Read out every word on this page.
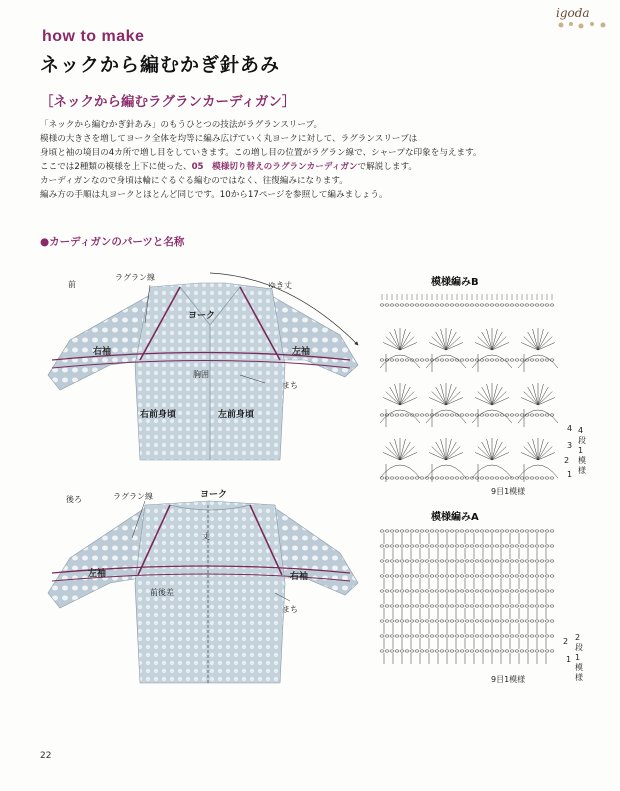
igoda
how to make
ネックから編むかぎ針あみ
［ネックから編むラグランカーディガン］
「ネックから編むかぎ針あみ」のもうひとつの技法がラグランスリーブ。
模様の大きさを増してヨーク全体を均等に編み広げていく丸ヨークに対して、ラグランスリーブは
身頃と袖の境目の4カ所で増し目をしていきます。この増し目の位置がラグラン線で、シャープな印象を与えます。
ここでは2種類の模様を上下に使った、05　模様切り替えのラグランカーディガンで解説します。
カーディガンなので身頃は輪にぐるぐる編むのではなく、往復編みになります。
編み方の手順は丸ヨークとほとんど同じです。10から17ページを参照して編みましょう。
●カーディガンのパーツと名称
前
ラグラン線
ゆき丈
ヨーク
右袖	左袖
胸囲
まち
右前身頃	左前身頃
後ろ	ラグラン線	ヨーク
丈
左袖	右袖
前後差
まち
模様編みB
4
3
2
1
4段1模様
9目1模様
模様編みA
2
1
2段1模様
9目1模様
22
